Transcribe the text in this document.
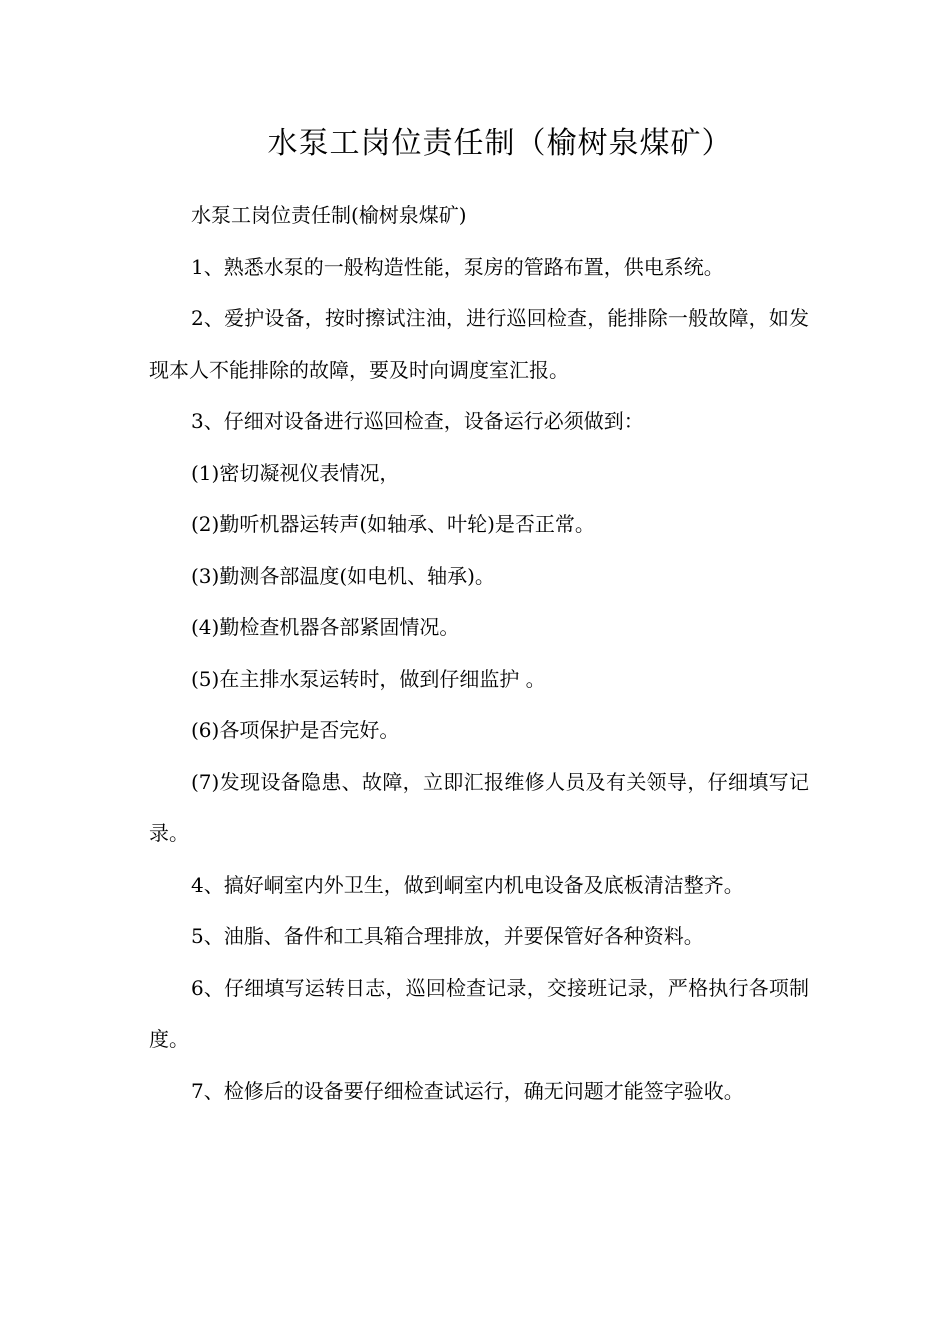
水泵工岗位责任制（榆树泉煤矿）

水泵工岗位责任制(榆树泉煤矿)

1、熟悉水泵的一般构造性能，泵房的管路布置，供电系统。

2、爱护设备，按时擦试注油，进行巡回检查，能排除一般故障，如发现本人不能排除的故障，要及时向调度室汇报。

3、仔细对设备进行巡回检查，设备运行必须做到：

(1)密切凝视仪表情况，

(2)勤听机器运转声(如轴承、叶轮)是否正常。

(3)勤测各部温度(如电机、轴承)。

(4)勤检查机器各部紧固情况。

(5)在主排水泵运转时，做到仔细监护 。

(6)各项保护是否完好。

(7)发现设备隐患、故障，立即汇报维修人员及有关领导，仔细填写记录。

4、搞好峒室内外卫生，做到峒室内机电设备及底板清洁整齐。

5、油脂、备件和工具箱合理排放，并要保管好各种资料。

6、仔细填写运转日志，巡回检查记录，交接班记录，严格执行各项制度。

7、检修后的设备要仔细检查试运行，确无问题才能签字验收。
